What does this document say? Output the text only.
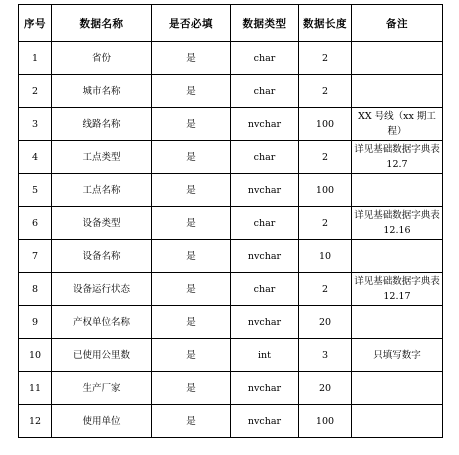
序号	数据名称	是否必填	数据类型	数据长度	备注
1	省份	是	char	2	
2	城市名称	是	char	2	
3	线路名称	是	nvchar	100	XX 号线（xx 期工程）
4	工点类型	是	char	2	详见基础数据字典表 12.7
5	工点名称	是	nvchar	100	
6	设备类型	是	char	2	详见基础数据字典表 12.16
7	设备名称	是	nvchar	10	
8	设备运行状态	是	char	2	详见基础数据字典表 12.17
9	产权单位名称	是	nvchar	20	
10	已使用公里数	是	int	3	只填写数字
11	生产厂家	是	nvchar	20	
12	使用单位	是	nvchar	100	
